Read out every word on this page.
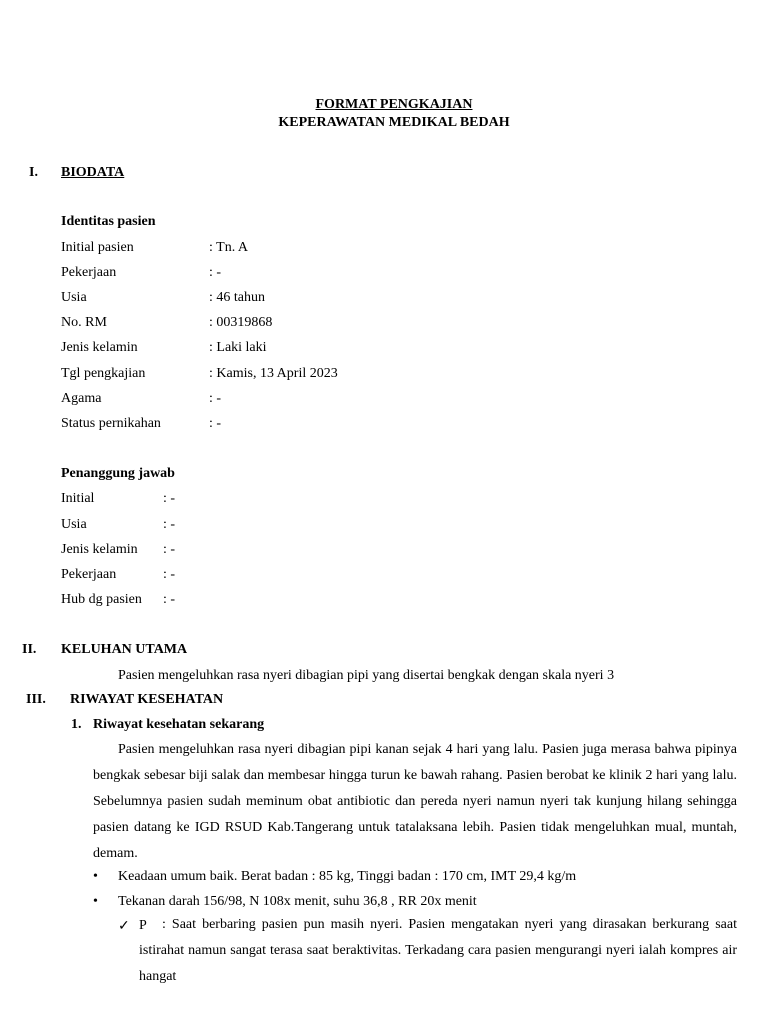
FORMAT PENGKAJIAN
KEPERAWATAN MEDIKAL BEDAH
I. BIODATA
Identitas pasien
Initial pasien	: Tn. A
Pekerjaan	: -
Usia	: 46 tahun
No. RM	: 00319868
Jenis kelamin	: Laki laki
Tgl pengkajian	: Kamis, 13 April 2023
Agama	: -
Status pernikahan	: -
Penanggung jawab
Initial	: -
Usia	: -
Jenis kelamin : -
Pekerjaan	: -
Hub dg pasien : -
II. KELUHAN UTAMA
Pasien mengeluhkan rasa nyeri dibagian pipi yang disertai bengkak dengan skala nyeri 3
III. RIWAYAT KESEHATAN
1. Riwayat kesehatan sekarang
Pasien mengeluhkan rasa nyeri dibagian pipi kanan sejak 4 hari yang lalu. Pasien juga merasa bahwa pipinya bengkak sebesar biji salak dan membesar hingga turun ke bawah rahang. Pasien berobat ke klinik 2 hari yang lalu. Sebelumnya pasien sudah meminum obat antibiotic dan pereda nyeri namun nyeri tak kunjung hilang sehingga pasien datang ke IGD RSUD Kab.Tangerang untuk tatalaksana lebih. Pasien tidak mengeluhkan mual, muntah, demam.
• Keadaan umum baik. Berat badan : 85 kg, Tinggi badan : 170 cm, IMT 29,4 kg/m
• Tekanan darah 156/98, N 108x menit, suhu 36,8 , RR 20x menit
✓ P	: Saat berbaring pasien pun masih nyeri. Pasien mengatakan nyeri yang dirasakan berkurang saat istirahat namun sangat terasa saat beraktivitas. Terkadang cara pasien mengurangi nyeri ialah kompres air hangat
